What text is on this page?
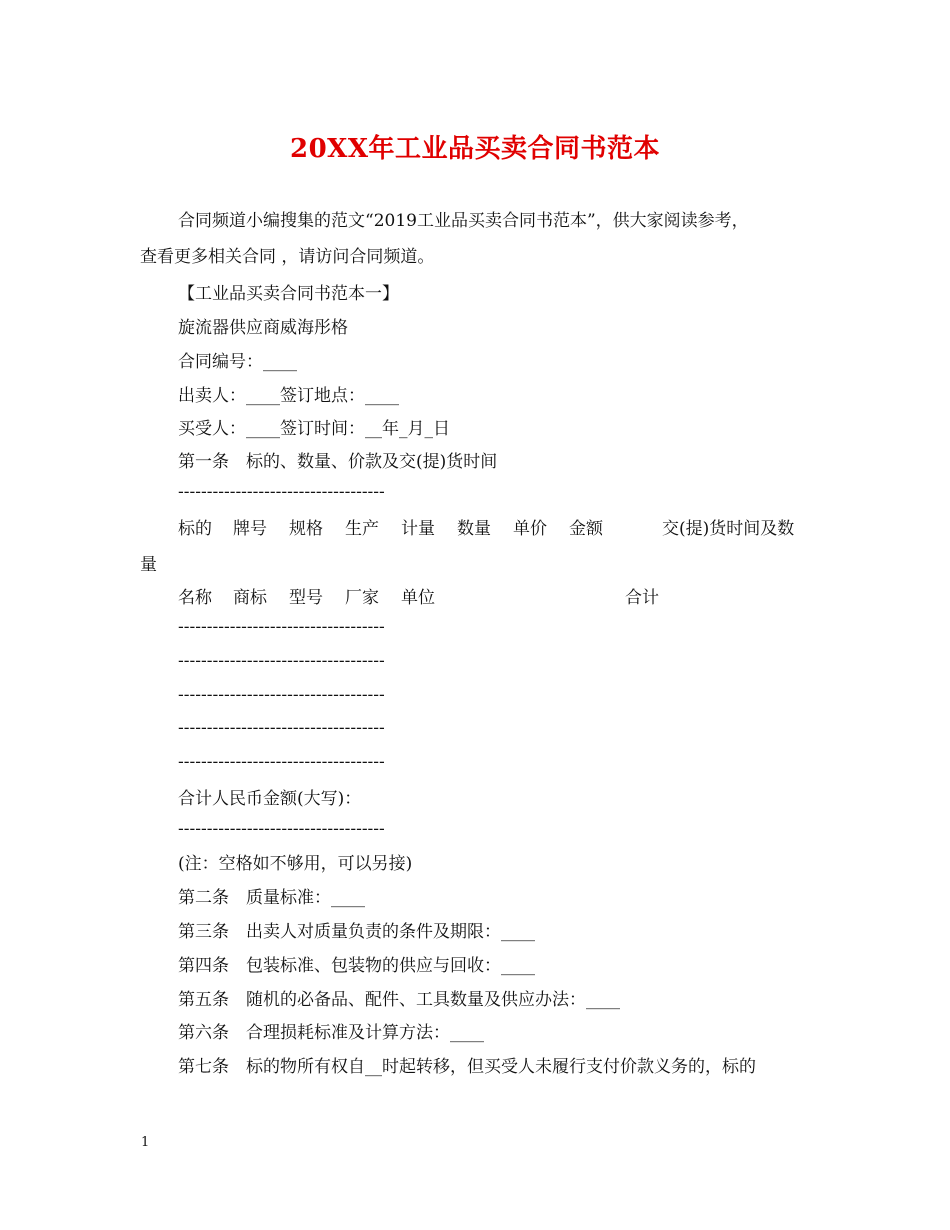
20XX年工业品买卖合同书范本
合同频道小编搜集的范文“2019工业品买卖合同书范本”，供大家阅读参考，
查看更多相关合同 ，请访问合同频道。
【工业品买卖合同书范本一】
旋流器供应商威海彤格
合同编号：____
出卖人：____签订地点：____
买受人：____签订时间：__年_月_日
第一条　标的、数量、价款及交(提)货时间
------------------------------------
标的 牌号 规格 生产 计量 数量 单价 金额	交(提)货时间及数
量
名称 商标 型号 厂家 单位	合计
------------------------------------
------------------------------------
------------------------------------
------------------------------------
------------------------------------
合计人民币金额(大写)：
------------------------------------
(注：空格如不够用，可以另接)
第二条　质量标准：____
第三条　出卖人对质量负责的条件及期限：____
第四条　包装标准、包装物的供应与回收：____
第五条　随机的必备品、配件、工具数量及供应办法：____
第六条　合理损耗标准及计算方法：____
第七条　标的物所有权自__时起转移，但买受人未履行支付价款义务的，标的
1
